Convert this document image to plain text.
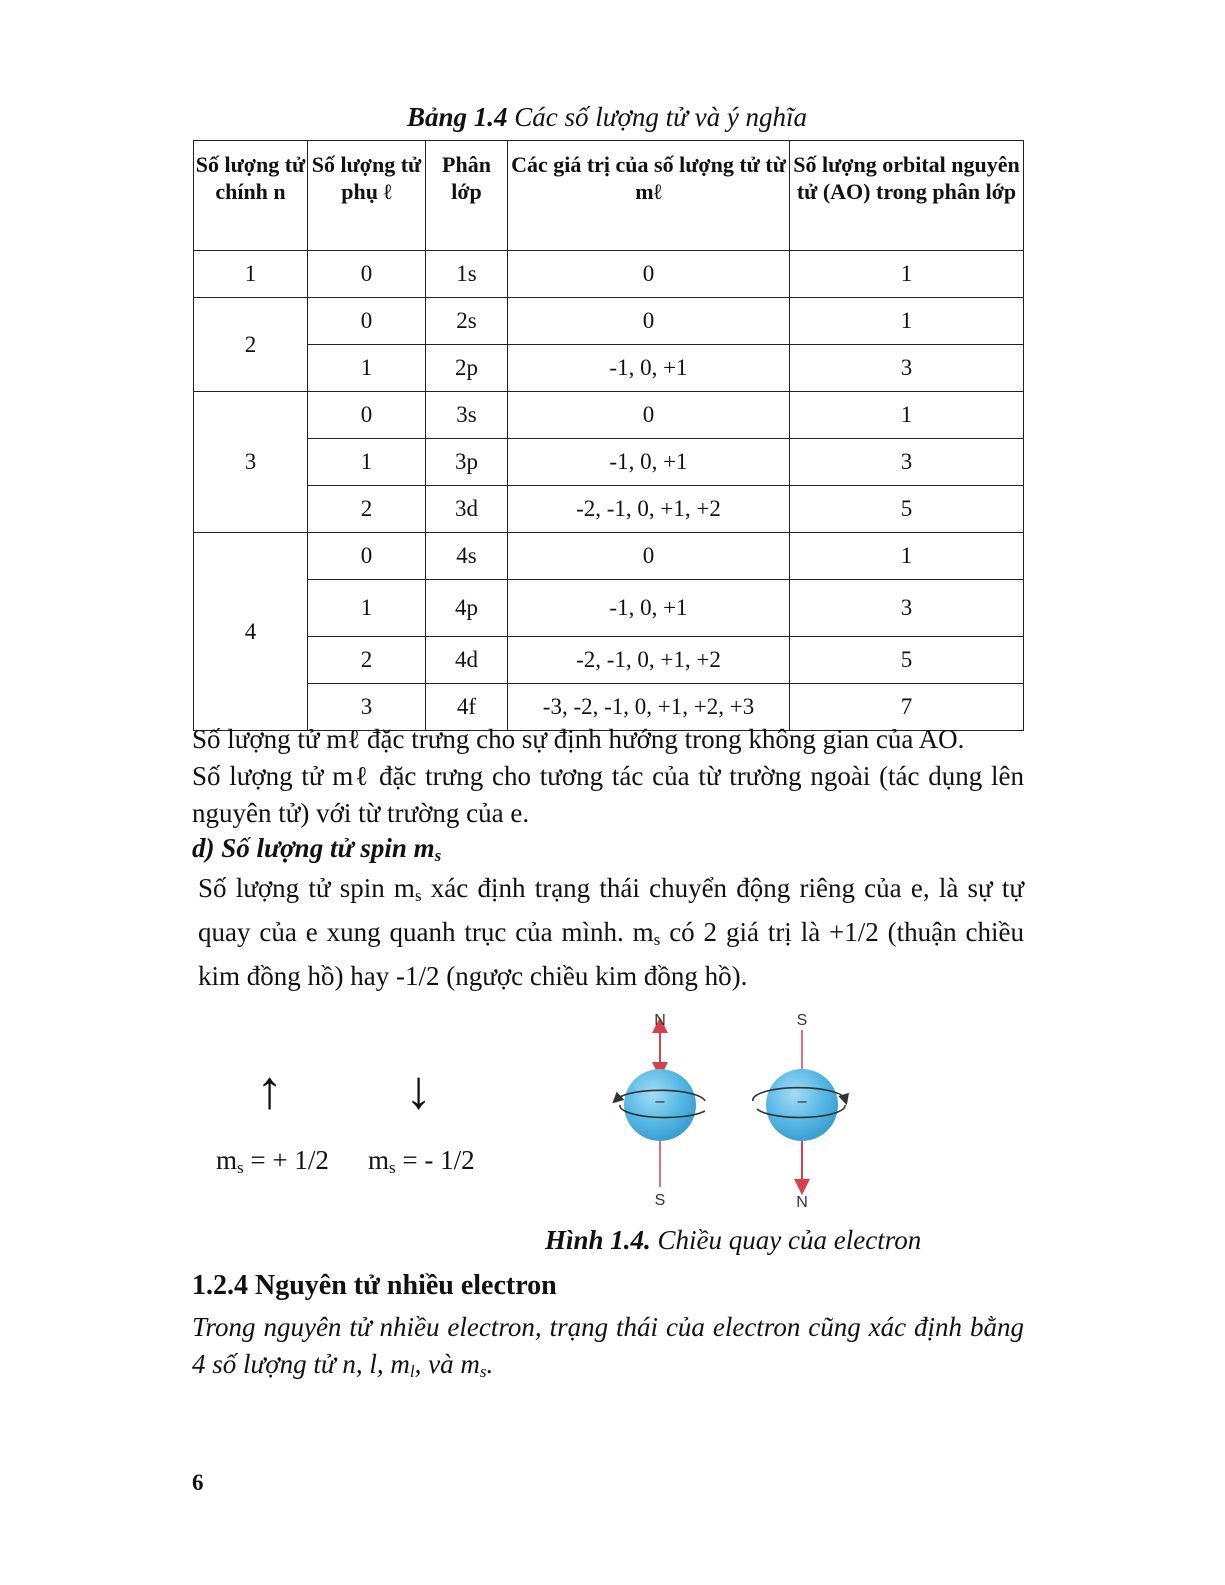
Bảng 1.4 Các số lượng tử và ý nghĩa
Số lượng tử chính n	Số lượng tử phụ ℓ	Phân lớp	Các giá trị của số lượng tử từ mℓ	Số lượng orbital nguyên tử (AO) trong phân lớp
1	0	1s	0	1
2	0	2s	0	1
	1	2p	-1, 0, +1	3
3	0	3s	0	1
	1	3p	-1, 0, +1	3
	2	3d	-2, -1, 0, +1, +2	5
4	0	4s	0	1
	1	4p	-1, 0, +1	3
	2	4d	-2, -1, 0, +1, +2	5
	3	4f	-3, -2, -1, 0, +1, +2, +3	7
Số lượng tử mℓ đặc trưng cho sự định hướng trong không gian của AO.
Số lượng tử mℓ đặc trưng cho tương tác của từ trường ngoài (tác dụng lên
nguyên tử) với từ trường của e.
d) Số lượng tử spin $m_s$
Số lượng tử spin $m_s$ xác định trạng thái chuyển động riêng của e, là sự tự
quay của e xung quanh trục của mình. $m_s$ có 2 giá trị là +1/2 (thuận chiều
kim đồng hồ) hay -1/2 (ngược chiều kim đồng hồ).
↑ ↓
$m_s$ = + 1/2 $m_s$ = - 1/2
N
S
–
S
N
–
Hình 1.4. Chiều quay của electron
1.2.4 Nguyên tử nhiều electron
Trong nguyên tử nhiều electron, trạng thái của electron cũng xác định bằng 4 số lượng tử n, l, $m_l$, và $m_s$.
6
